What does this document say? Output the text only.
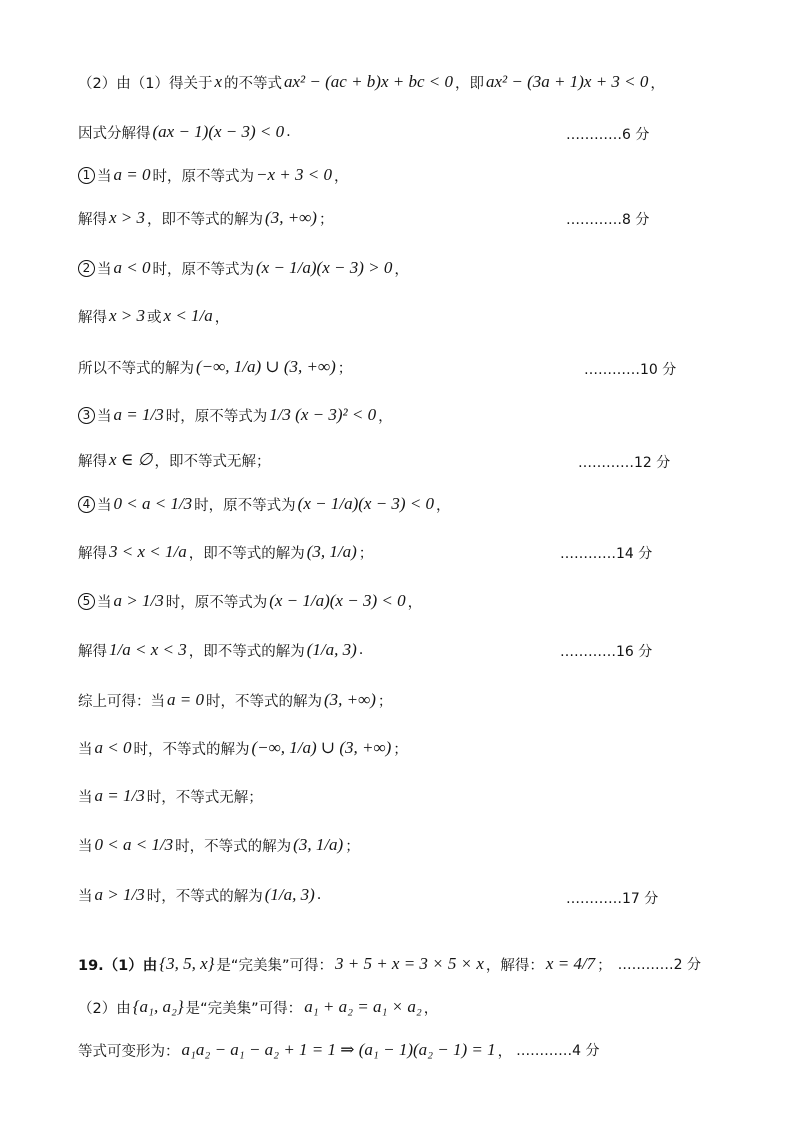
（2）由（1）得关于 x 的不等式 ax² − (ac + b)x + bc < 0 ，即 ax² − (3a + 1)x + 3 < 0 ，
因式分解得 (ax − 1)(x − 3) < 0 .	…………6 分
1 当 a = 0 时，原不等式为 −x + 3 < 0 ，
解得 x > 3 ，即不等式的解为 (3, +∞) ；	…………8 分
2 当 a < 0 时，原不等式为 (x − 1/a)(x − 3) > 0 ，
解得 x > 3 或 x < 1/a ，
所以不等式的解为 (−∞, 1/a) ∪ (3, +∞) ；	…………10 分
3 当 a = 1/3 时，原不等式为 1/3 (x − 3)² < 0 ，
解得 x ∈ ∅ ，即不等式无解；	…………12 分
4 当 0 < a < 1/3 时，原不等式为 (x − 1/a)(x − 3) < 0 ，
解得 3 < x < 1/a ，即不等式的解为 (3, 1/a) ；	…………14 分
5 当 a > 1/3 时，原不等式为 (x − 1/a)(x − 3) < 0 ，
解得 1/a < x < 3 ，即不等式的解为 (1/a, 3) .	…………16 分
综上可得：当 a = 0 时，不等式的解为 (3, +∞) ；
当 a < 0 时，不等式的解为 (−∞, 1/a) ∪ (3, +∞) ；
当 a = 1/3 时，不等式无解；
当 0 < a < 1/3 时，不等式的解为 (3, 1/a) ；
当 a > 1/3 时，不等式的解为 (1/a, 3) .	…………17 分
19.（1）由 {3, 5, x} 是“完美集”可得： 3 + 5 + x = 3 × 5 × x ，解得： x = 4/7 ； …………2 分
（2）由 {a₁, a₂} 是“完美集”可得： a₁ + a₂ = a₁ × a₂ ，
等式可变形为： a₁a₂ − a₁ − a₂ + 1 = 1 ⇒ (a₁ − 1)(a₂ − 1) = 1 ， …………4 分
